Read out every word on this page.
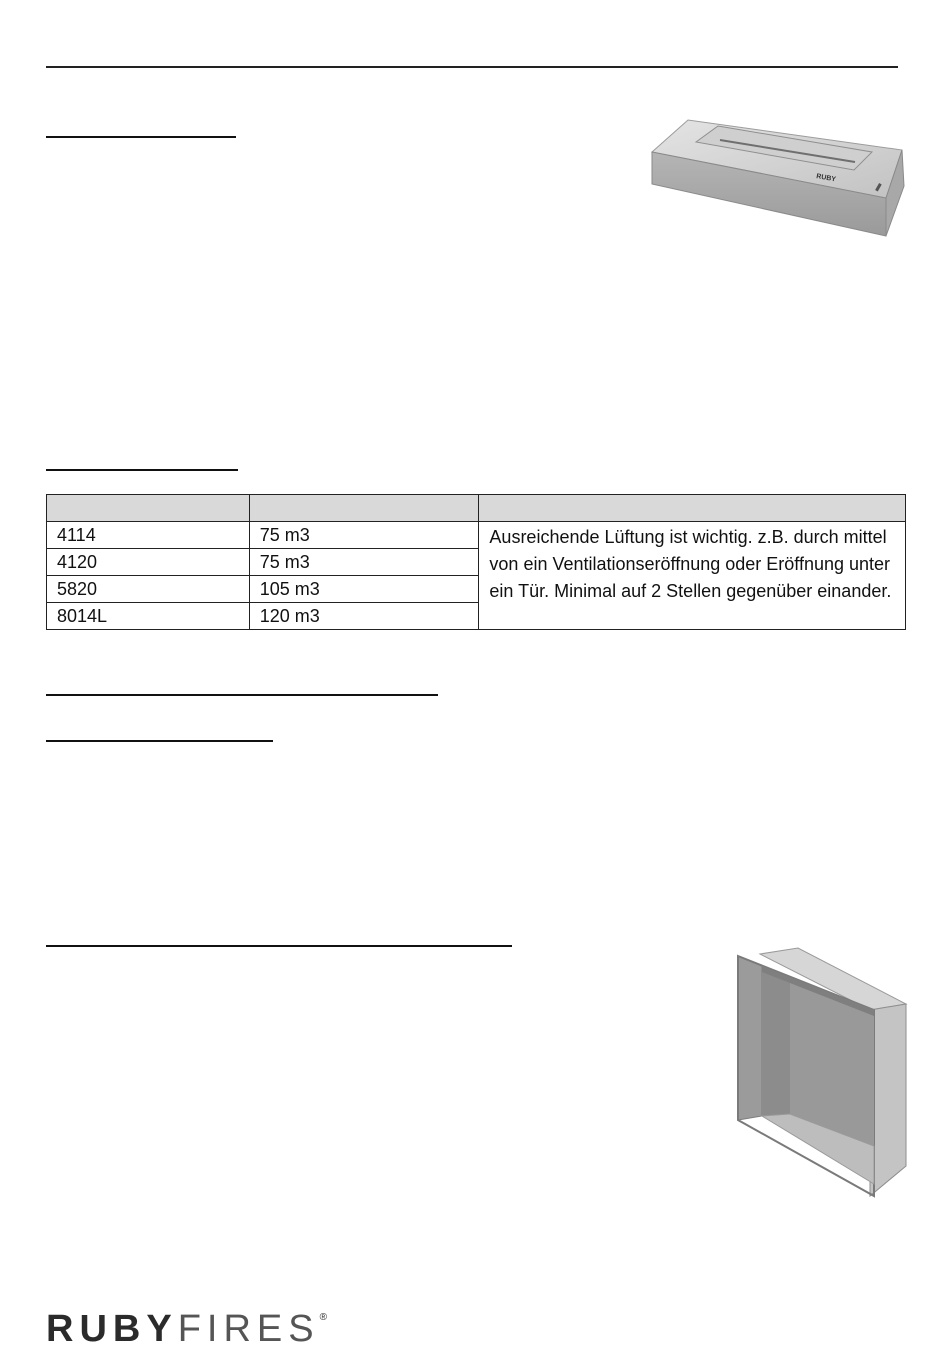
RUBY

4114	75 m3	Ausreichende Lüftung ist wichtig. z.B. durch mittel von ein Ventilationseröffnung oder Eröffnung unter ein Tür. Minimal auf 2 Stellen gegenüber einander.
4120	75 m3	
5820	105 m3	
8014L	120 m3	
RUBYFIRES®
